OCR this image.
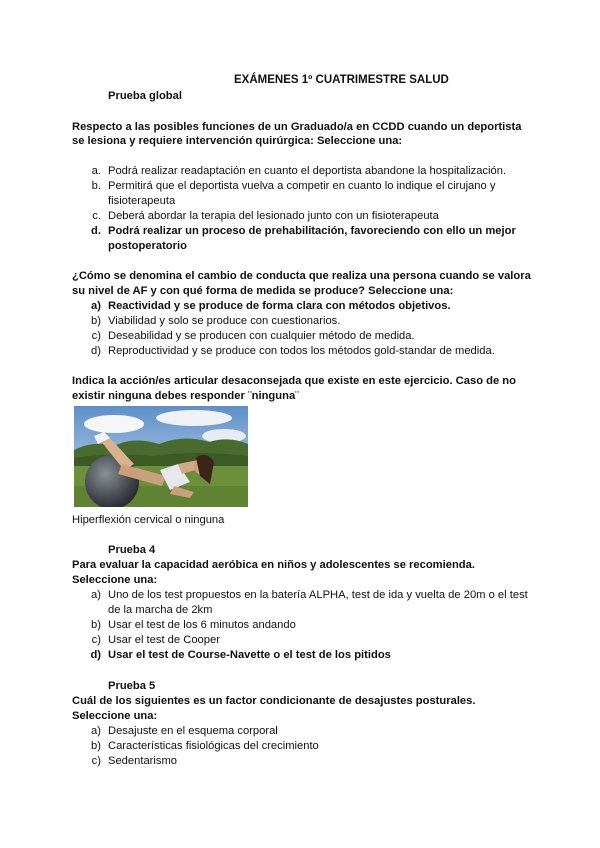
EXÁMENES 1º CUATRIMESTRE SALUD
Prueba global
Respecto a las posibles funciones de un Graduado/a en CCDD cuando un deportista
se lesiona y requiere intervención quirúrgica: Seleccione una:
a. Podrá realizar readaptación en cuanto el deportista abandone la hospitalización.
b. Permitirá que el deportista vuelva a competir en cuanto lo indique el cirujano y
fisioterapeuta
c. Deberá abordar la terapia del lesionado junto con un fisioterapeuta
d. Podrá realizar un proceso de prehabilitación, favoreciendo con ello un mejor
postoperatorio
¿Cómo se denomina el cambio de conducta que realiza una persona cuando se valora
su nivel de AF y con qué forma de medida se produce? Seleccione una:
a) Reactividad y se produce de forma clara con métodos objetivos.
b) Viabilidad y solo se produce con cuestionarios.
c) Deseabilidad y se producen con cualquier método de medida.
d) Reproductividad y se produce con todos los métodos gold-standar de medida.
Indica la acción/es articular desaconsejada que existe en este ejercicio. Caso de no
existir ninguna debes responder ¨ninguna¨
Hiperflexión cervical o ninguna
Prueba 4
Para evaluar la capacidad aeróbica en niños y adolescentes se recomienda.
Seleccione una:
a) Uno de los test propuestos en la batería ALPHA, test de ida y vuelta de 20m o el test
de la marcha de 2km
b) Usar el test de los 6 minutos andando
c) Usar el test de Cooper
d) Usar el test de Course-Navette o el test de los pitidos
Prueba 5
Cuál de los siguientes es un factor condicionante de desajustes posturales.
Seleccione una:
a) Desajuste en el esquema corporal
b) Características fisiológicas del crecimiento
c) Sedentarismo
